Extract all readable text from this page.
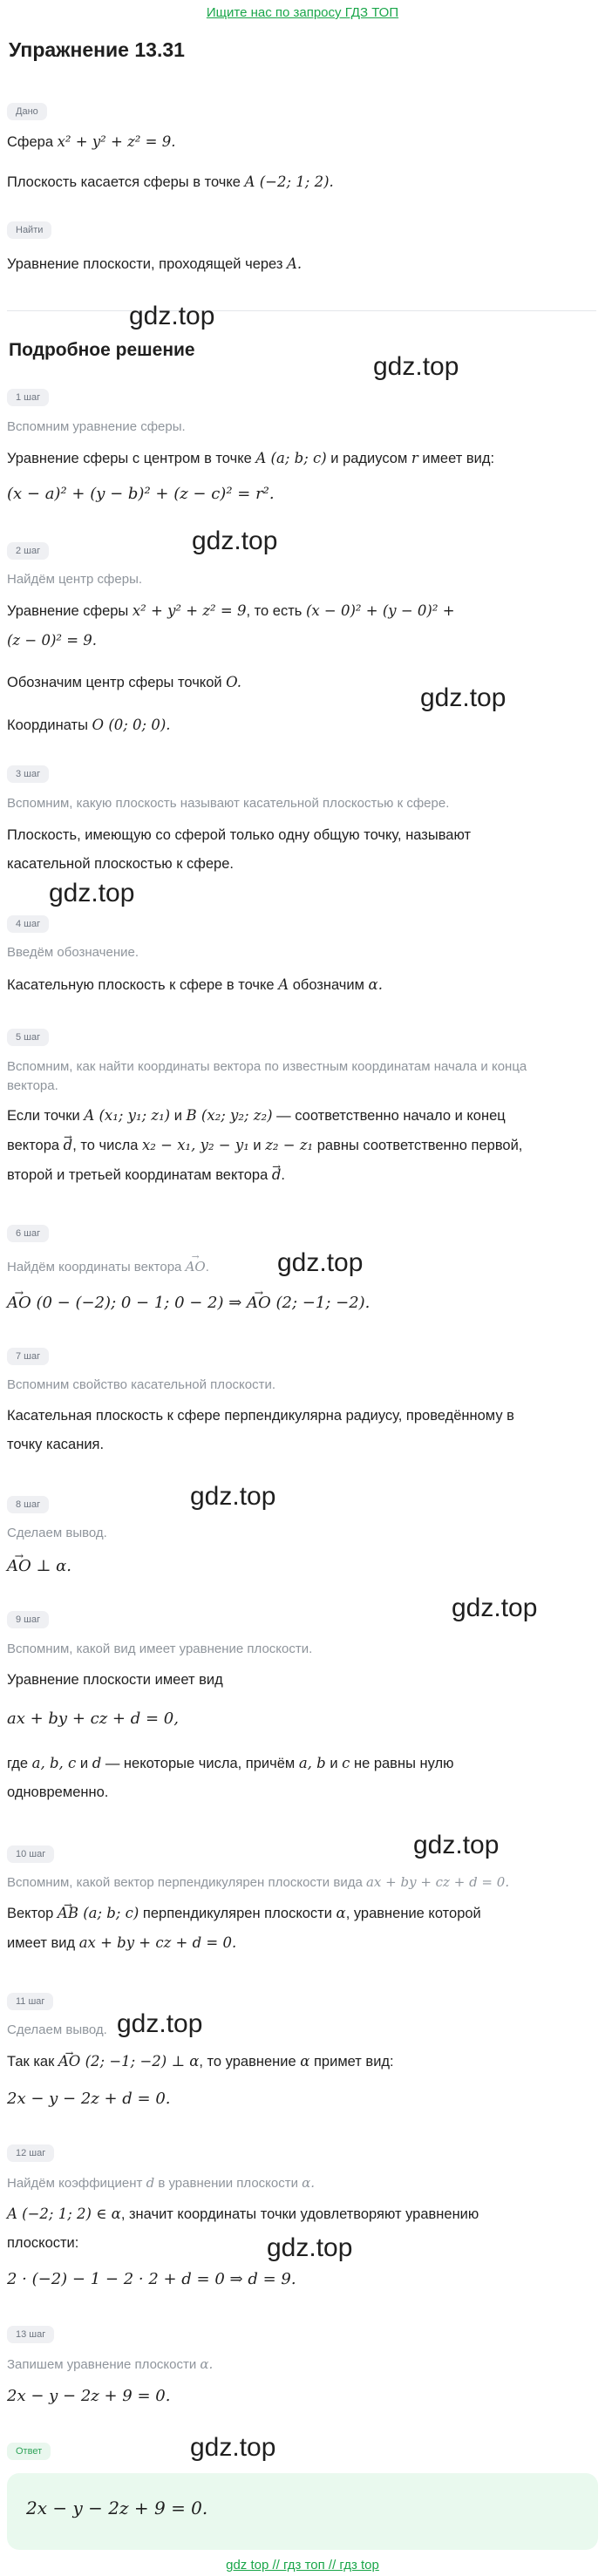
Ищите нас по запросу ГДЗ ТОП
Упражнение 13.31
Дано
Сфера x² + y² + z² = 9.
Плоскость касается сферы в точке A (−2; 1; 2).
Найти
Уравнение плоскости, проходящей через A.
Подробное решение
1 шаг
Вспомним уравнение сферы.
Уравнение сферы с центром в точке A (a; b; c) и радиусом r имеет вид:
(x − a)² + (y − b)² + (z − c)² = r².
2 шаг
Найдём центр сферы.
Уравнение сферы x² + y² + z² = 9, то есть (x − 0)² + (y − 0)² +
(z − 0)² = 9.
Обозначим центр сферы точкой O.
Координаты O (0; 0; 0).
3 шаг
Вспомним, какую плоскость называют касательной плоскостью к сфере.
Плоскость, имеющую со сферой только одну общую точку, называют
касательной плоскостью к сфере.
4 шаг
Введём обозначение.
Касательную плоскость к сфере в точке A обозначим α.
5 шаг
Вспомним, как найти координаты вектора по известным координатам начала и конца
вектора.
Если точки A (x₁; y₁; z₁) и B (x₂; y₂; z₂) — соответственно начало и конец
вектора → d, то числа x₂ − x₁, y₂ − y₁ и z₂ − z₁ равны соответственно первой,
второй и третьей координатам вектора → d.
6 шаг
Найдём координаты вектора → AO.
→ AO (0 − (−2); 0 − 1; 0 − 2) ⇒ → AO (2; −1; −2).
7 шаг
Вспомним свойство касательной плоскости.
Касательная плоскость к сфере перпендикулярна радиусу, проведённому в
точку касания.
8 шаг
Сделаем вывод.
→ AO ⊥ α.
9 шаг
Вспомним, какой вид имеет уравнение плоскости.
Уравнение плоскости имеет вид
ax + by + cz + d = 0,
где a, b, c и d — некоторые числа, причём a, b и c не равны нулю
одновременно.
10 шаг
Вспомним, какой вектор перпендикулярен плоскости вида ax + by + cz + d = 0.
Вектор → AB (a; b; c) перпендикулярен плоскости α, уравнение которой
имеет вид ax + by + cz + d = 0.
11 шаг
Сделаем вывод.
Так как → AO (2; −1; −2) ⊥ α, то уравнение α примет вид:
2x − y − 2z + d = 0.
12 шаг
Найдём коэффициент d в уравнении плоскости α.
A (−2; 1; 2) ∈ α, значит координаты точки удовлетворяют уравнению
плоскости:
2 · (−2) − 1 − 2 · 2 + d = 0 ⇒ d = 9.
13 шаг
Запишем уравнение плоскости α.
2x − y − 2z + 9 = 0.
Ответ
2x − y − 2z + 9 = 0.
gdz.top
gdz.top
gdz.top
gdz.top
gdz.top
gdz.top
gdz.top
gdz.top
gdz.top
gdz.top
gdz.top
gdz.top
gdz top // гдз топ // гдз top
